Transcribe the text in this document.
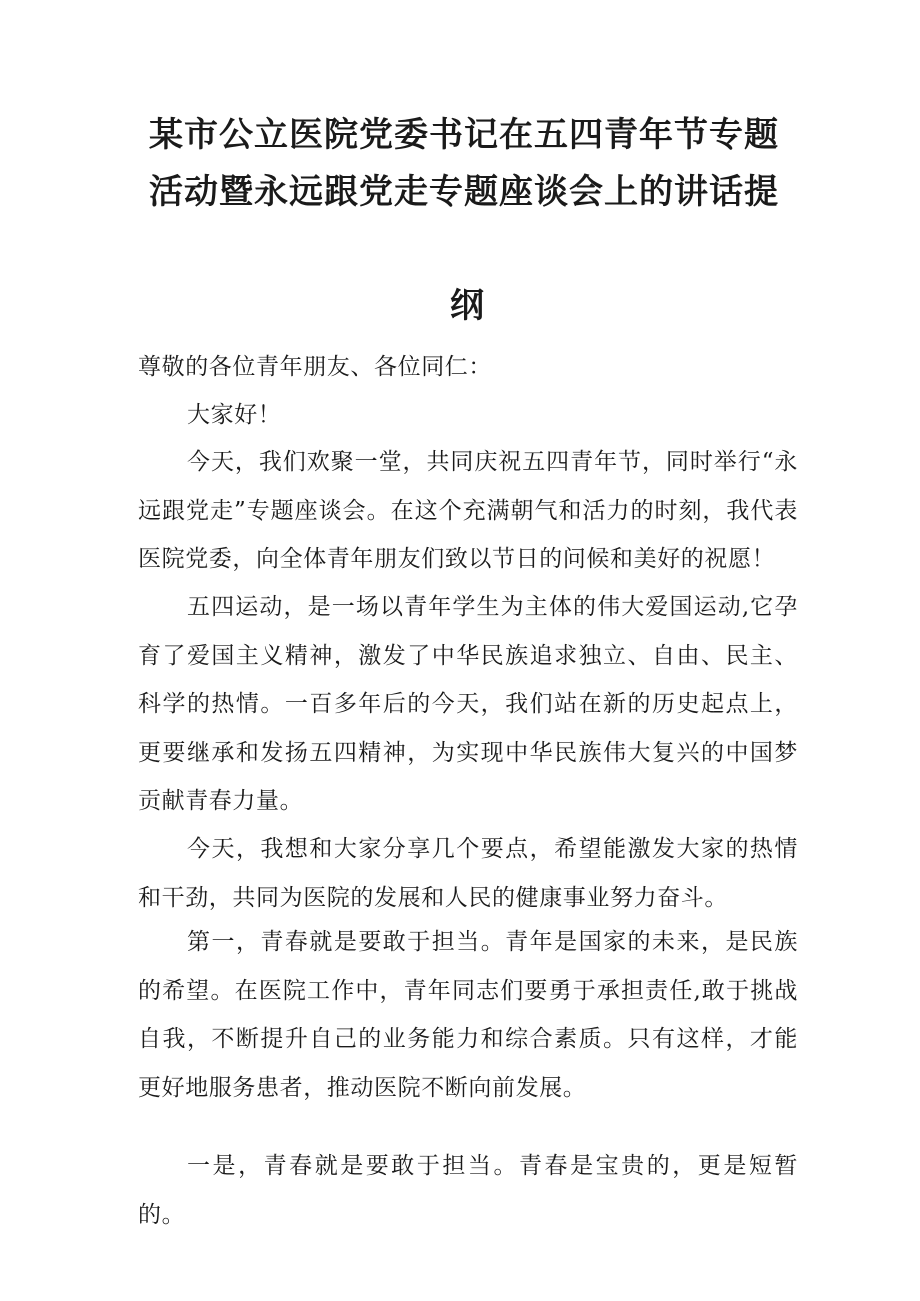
某市公立医院党委书记在五四青年节专题
活动暨永远跟党走专题座谈会上的讲话提
纲

尊敬的各位青年朋友、各位同仁：

大家好！

今天，我们欢聚一堂，共同庆祝五四青年节，同时举行“永远跟党走”专题座谈会。在这个充满朝气和活力的时刻，我代表医院党委，向全体青年朋友们致以节日的问候和美好的祝愿！

五四运动，是一场以青年学生为主体的伟大爱国运动,它孕育了爱国主义精神，激发了中华民族追求独立、自由、民主、科学的热情。一百多年后的今天，我们站在新的历史起点上，更要继承和发扬五四精神，为实现中华民族伟大复兴的中国梦贡献青春力量。

今天，我想和大家分享几个要点，希望能激发大家的热情和干劲，共同为医院的发展和人民的健康事业努力奋斗。

第一，青春就是要敢于担当。青年是国家的未来，是民族的希望。在医院工作中，青年同志们要勇于承担责任,敢于挑战自我，不断提升自己的业务能力和综合素质。只有这样，才能更好地服务患者，推动医院不断向前发展。

一是，青春就是要敢于担当。青春是宝贵的，更是短暂的。
